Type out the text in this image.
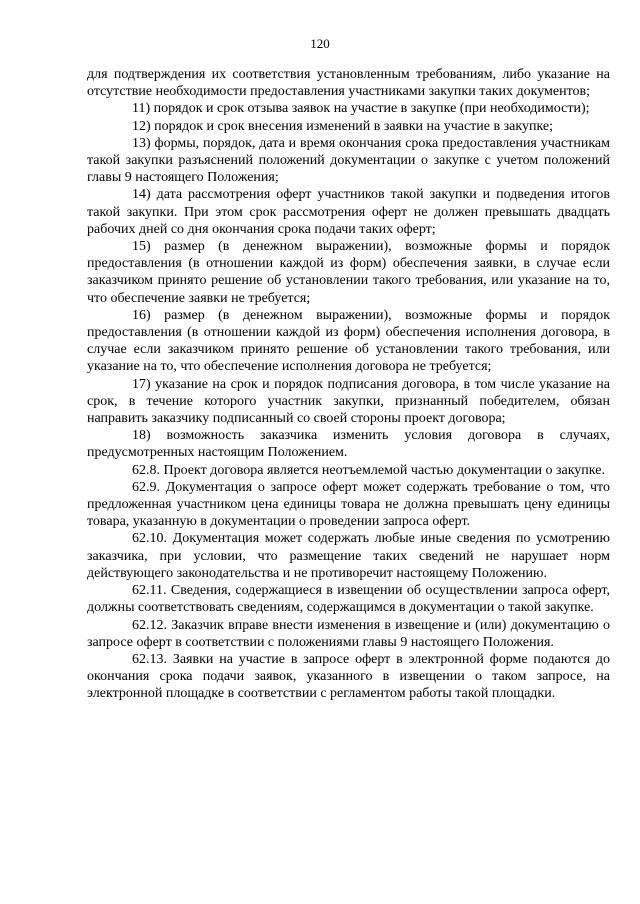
120

для подтверждения их соответствия установленным требованиям, либо указание на отсутствие необходимости предоставления участниками закупки таких документов;

11) порядок и срок отзыва заявок на участие в закупке (при необходимости);

12) порядок и срок внесения изменений в заявки на участие в закупке;

13) формы, порядок, дата и время окончания срока предоставления участникам такой закупки разъяснений положений документации о закупке с учетом положений главы 9 настоящего Положения;

14) дата рассмотрения оферт участников такой закупки и подведения итогов такой закупки. При этом срок рассмотрения оферт не должен превышать двадцать рабочих дней со дня окончания срока подачи таких оферт;

15) размер (в денежном выражении), возможные формы и порядок предоставления (в отношении каждой из форм) обеспечения заявки, в случае если заказчиком принято решение об установлении такого требования, или указание на то, что обеспечение заявки не требуется;

16) размер (в денежном выражении), возможные формы и порядок предоставления (в отношении каждой из форм) обеспечения исполнения договора, в случае если заказчиком принято решение об установлении такого требования, или указание на то, что обеспечение исполнения договора не требуется;

17) указание на срок и порядок подписания договора, в том числе указание на срок, в течение которого участник закупки, признанный победителем, обязан направить заказчику подписанный со своей стороны проект договора;

18) возможность заказчика изменить условия договора в случаях, предусмотренных настоящим Положением.

62.8. Проект договора является неотъемлемой частью документации о закупке.

62.9. Документация о запросе оферт может содержать требование о том, что предложенная участником цена единицы товара не должна превышать цену единицы товара, указанную в документации о проведении запроса оферт.

62.10. Документация может содержать любые иные сведения по усмотрению заказчика, при условии, что размещение таких сведений не нарушает норм действующего законодательства и не противоречит настоящему Положению.

62.11. Сведения, содержащиеся в извещении об осуществлении запроса оферт, должны соответствовать сведениям, содержащимся в документации о такой закупке.

62.12. Заказчик вправе внести изменения в извещение и (или) документацию о запросе оферт в соответствии с положениями главы 9 настоящего Положения.

62.13. Заявки на участие в запросе оферт в электронной форме подаются до окончания срока подачи заявок, указанного в извещении о таком запросе, на электронной площадке в соответствии с регламентом работы такой площадки.
